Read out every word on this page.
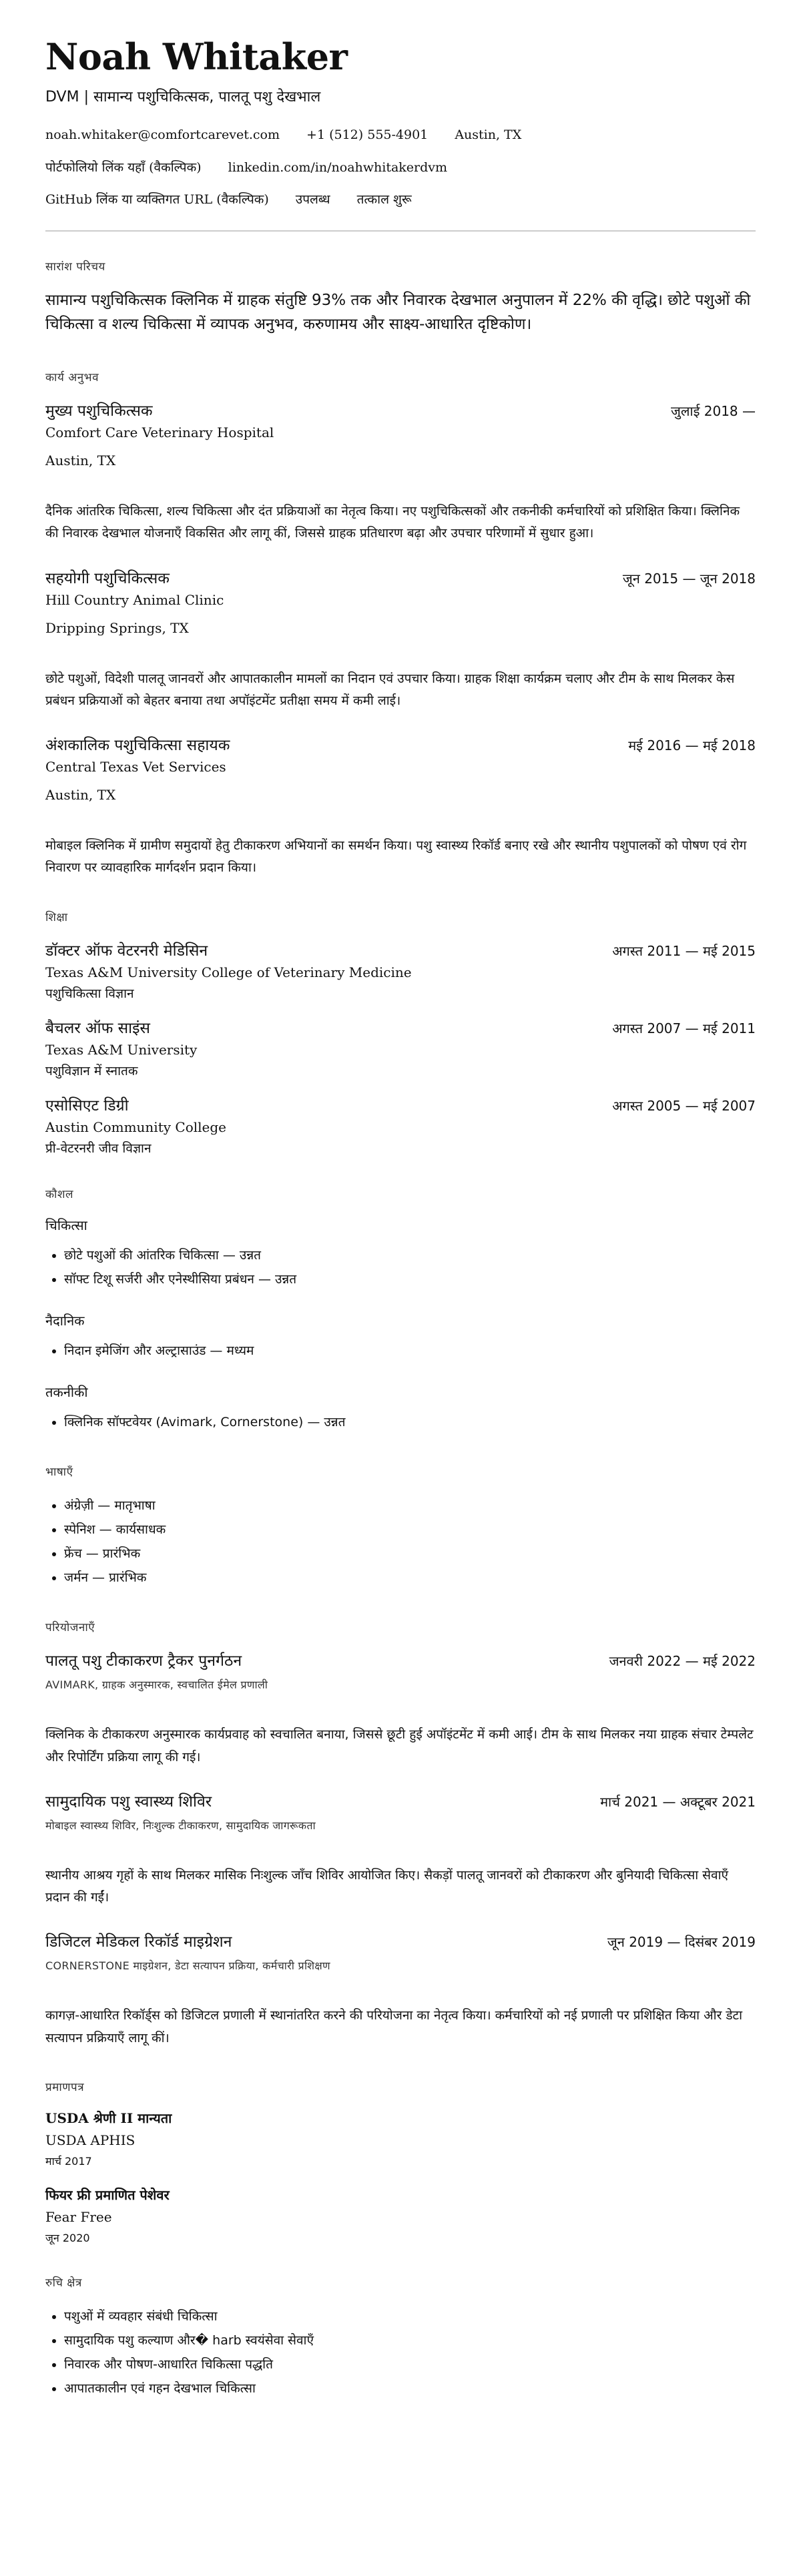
Noah Whitaker
DVM | सामान्य पशुचिकित्सक, पालतू पशु देखभाल
noah.whitaker@comfortcarevet.com +1 (512) 555-4901 Austin, TX
पोर्टफोलियो लिंक यहाँ (वैकल्पिक) linkedin.com/in/noahwhitakerdvm
GitHub लिंक या व्यक्तिगत URL (वैकल्पिक) उपलब्ध तत्काल शुरू
सारांश परिचय
सामान्य पशुचिकित्सक क्लिनिक में ग्राहक संतुष्टि 93% तक और निवारक देखभाल अनुपालन में 22% की वृद्धि। छोटे पशुओं की चिकित्सा व शल्य चिकित्सा में व्यापक अनुभव, करुणामय और साक्ष्य-आधारित दृष्टिकोण।
कार्य अनुभव
मुख्य पशुचिकित्सक	जुलाई 2018 —
Comfort Care Veterinary Hospital
Austin, TX
दैनिक आंतरिक चिकित्सा, शल्य चिकित्सा और दंत प्रक्रियाओं का नेतृत्व किया। नए पशुचिकित्सकों और तकनीकी कर्मचारियों को प्रशिक्षित किया। क्लिनिक की निवारक देखभाल योजनाएँ विकसित और लागू कीं, जिससे ग्राहक प्रतिधारण बढ़ा और उपचार परिणामों में सुधार हुआ।
सहयोगी पशुचिकित्सक	जून 2015 — जून 2018
Hill Country Animal Clinic
Dripping Springs, TX
छोटे पशुओं, विदेशी पालतू जानवरों और आपातकालीन मामलों का निदान एवं उपचार किया। ग्राहक शिक्षा कार्यक्रम चलाए और टीम के साथ मिलकर केस प्रबंधन प्रक्रियाओं को बेहतर बनाया तथा अपॉइंटमेंट प्रतीक्षा समय में कमी लाई।
अंशकालिक पशुचिकित्सा सहायक	मई 2016 — मई 2018
Central Texas Vet Services
Austin, TX
मोबाइल क्लिनिक में ग्रामीण समुदायों हेतु टीकाकरण अभियानों का समर्थन किया। पशु स्वास्थ्य रिकॉर्ड बनाए रखे और स्थानीय पशुपालकों को पोषण एवं रोग निवारण पर व्यावहारिक मार्गदर्शन प्रदान किया।
शिक्षा
डॉक्टर ऑफ वेटरनरी मेडिसिन	अगस्त 2011 — मई 2015
Texas A&M University College of Veterinary Medicine
पशुचिकित्सा विज्ञान
बैचलर ऑफ साइंस	अगस्त 2007 — मई 2011
Texas A&M University
पशुविज्ञान में स्नातक
एसोसिएट डिग्री	अगस्त 2005 — मई 2007
Austin Community College
प्री-वेटरनरी जीव विज्ञान
कौशल
चिकित्सा
• छोटे पशुओं की आंतरिक चिकित्सा — उन्नत
• सॉफ्ट टिशू सर्जरी और एनेस्थीसिया प्रबंधन — उन्नत
नैदानिक
• निदान इमेजिंग और अल्ट्रासाउंड — मध्यम
तकनीकी
• क्लिनिक सॉफ्टवेयर (Avimark, Cornerstone) — उन्नत
भाषाएँ
• अंग्रेज़ी — मातृभाषा
• स्पेनिश — कार्यसाधक
• फ्रेंच — प्रारंभिक
• जर्मन — प्रारंभिक
परियोजनाएँ
पालतू पशु टीकाकरण ट्रैकर पुनर्गठन	जनवरी 2022 — मई 2022
AVIMARK, ग्राहक अनुस्मारक, स्वचालित ईमेल प्रणाली
क्लिनिक के टीकाकरण अनुस्मारक कार्यप्रवाह को स्वचालित बनाया, जिससे छूटी हुई अपॉइंटमेंट में कमी आई। टीम के साथ मिलकर नया ग्राहक संचार टेम्पलेट और रिपोर्टिंग प्रक्रिया लागू की गई।
सामुदायिक पशु स्वास्थ्य शिविर	मार्च 2021 — अक्टूबर 2021
मोबाइल स्वास्थ्य शिविर, निःशुल्क टीकाकरण, सामुदायिक जागरूकता
स्थानीय आश्रय गृहों के साथ मिलकर मासिक निःशुल्क जाँच शिविर आयोजित किए। सैकड़ों पालतू जानवरों को टीकाकरण और बुनियादी चिकित्सा सेवाएँ प्रदान की गईं।
डिजिटल मेडिकल रिकॉर्ड माइग्रेशन	जून 2019 — दिसंबर 2019
CORNERSTONE माइग्रेशन, डेटा सत्यापन प्रक्रिया, कर्मचारी प्रशिक्षण
कागज़-आधारित रिकॉर्ड्स को डिजिटल प्रणाली में स्थानांतरित करने की परियोजना का नेतृत्व किया। कर्मचारियों को नई प्रणाली पर प्रशिक्षित किया और डेटा सत्यापन प्रक्रियाएँ लागू कीं।
प्रमाणपत्र
USDA श्रेणी II मान्यता
USDA APHIS
मार्च 2017
फियर फ्री प्रमाणित पेशेवर
Fear Free
जून 2020
रुचि क्षेत्र
• पशुओं में व्यवहार संबंधी चिकित्सा
• सामुदायिक पशु कल्याण और� harb स्वयंसेवा सेवाएँ
• निवारक और पोषण-आधारित चिकित्सा पद्धति
• आपातकालीन एवं गहन देखभाल चिकित्सा
